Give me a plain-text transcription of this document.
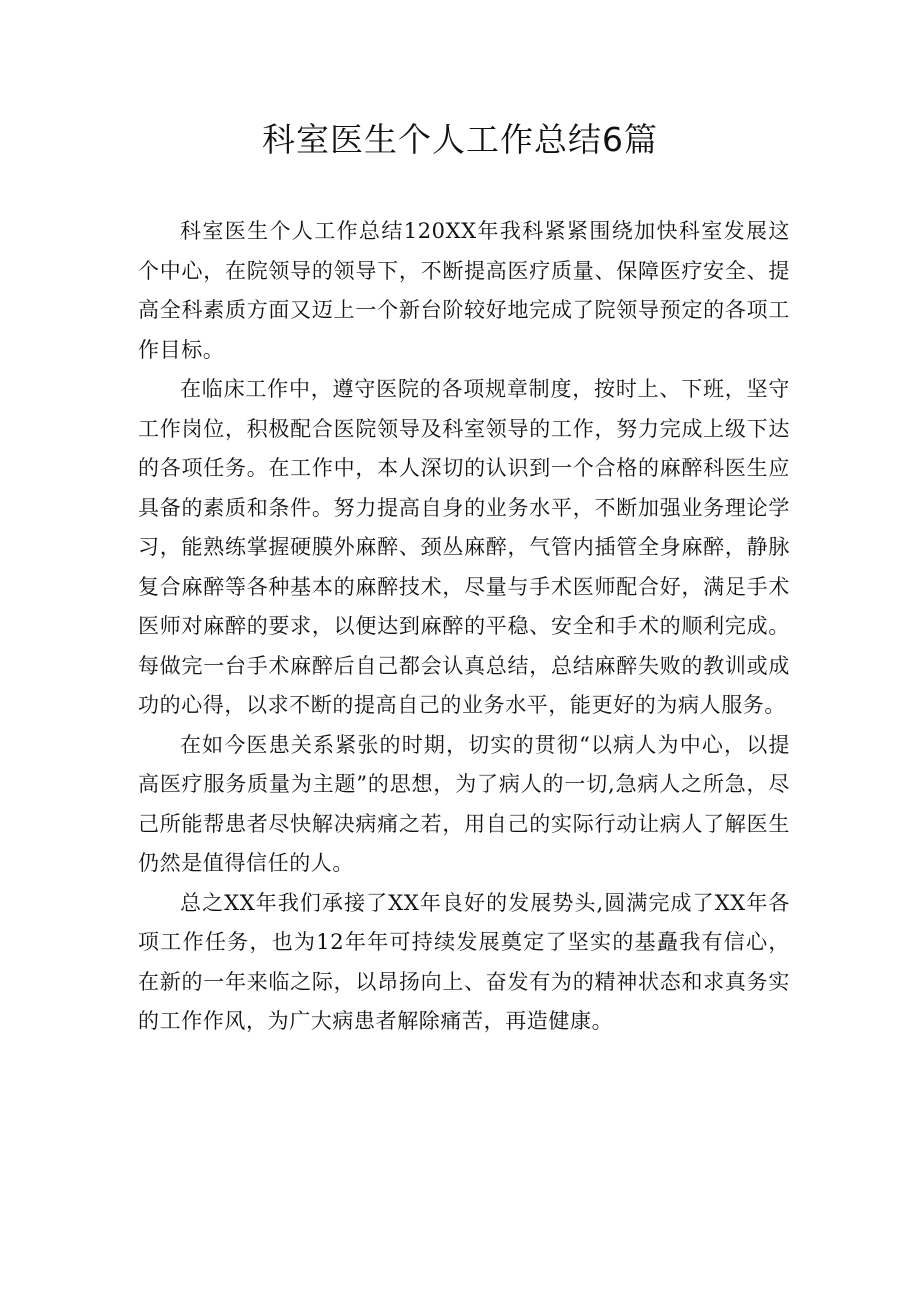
科室医生个人工作总结6篇

科室医生个人工作总结120XX年我科紧紧围绕加快科室发展这个中心，在院领导的领导下，不断提高医疗质量、保障医疗安全、提高全科素质方面又迈上一个新台阶较好地完成了院领导预定的各项工作目标。

在临床工作中，遵守医院的各项规章制度，按时上、下班，坚守工作岗位，积极配合医院领导及科室领导的工作，努力完成上级下达的各项任务。在工作中，本人深切的认识到一个合格的麻醉科医生应具备的素质和条件。努力提高自身的业务水平，不断加强业务理论学习，能熟练掌握硬膜外麻醉、颈丛麻醉，气管内插管全身麻醉，静脉复合麻醉等各种基本的麻醉技术，尽量与手术医师配合好，满足手术医师对麻醉的要求，以便达到麻醉的平稳、安全和手术的顺利完成。每做完一台手术麻醉后自己都会认真总结，总结麻醉失败的教训或成功的心得，以求不断的提高自己的业务水平，能更好的为病人服务。

在如今医患关系紧张的时期，切实的贯彻“以病人为中心，以提高医疗服务质量为主题”的思想，为了病人的一切,急病人之所急，尽己所能帮患者尽快解决病痛之若，用自己的实际行动让病人了解医生仍然是值得信任的人。

总之XX年我们承接了XX年良好的发展势头,圆满完成了XX年各项工作任务，也为12年年可持续发展奠定了坚实的基矗我有信心，在新的一年来临之际，以昂扬向上、奋发有为的精神状态和求真务实的工作作风，为广大病患者解除痛苦，再造健康。
